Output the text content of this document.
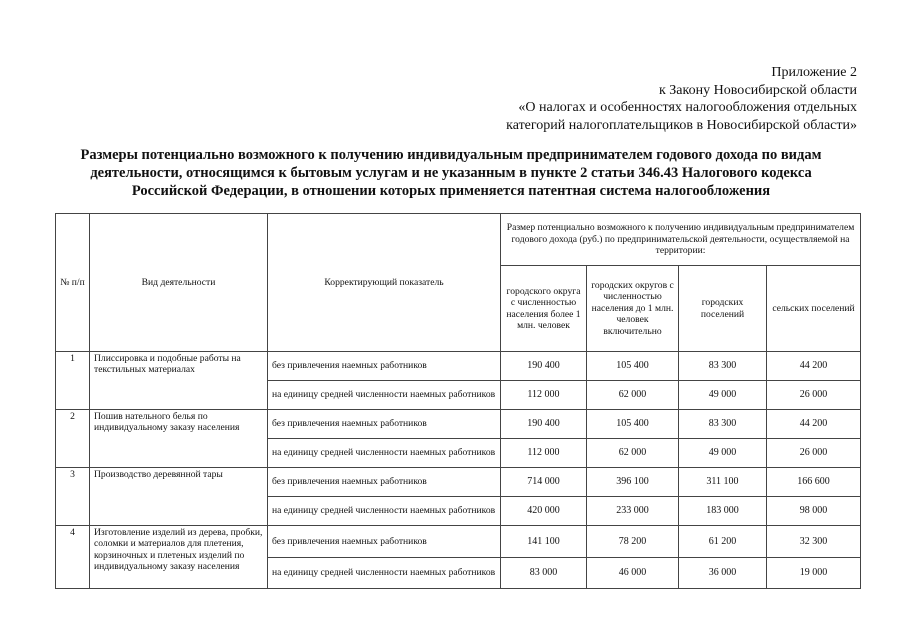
Приложение 2
к Закону Новосибирской области
«О налогах и особенностях налогообложения отдельных
категорий налогоплательщиков в Новосибирской области»
Размеры потенциально возможного к получению индивидуальным предпринимателем годового дохода по видам
деятельности, относящимся к бытовым услугам и не указанным в пункте 2 статьи 346.43 Налогового кодекса
Российской Федерации, в отношении которых применяется патентная система налогообложения
№ п/п	Вид деятельности	Корректирующий показатель	Размер потенциально возможного к получению индивидуальным предпринимателем годового дохода (руб.) по предпринимательской деятельности, осуществляемой на территории:			
			городского округа с численностью населения более 1 млн. человек	городских округов с численностью населения до 1 млн. человек включительно	городских поселений	сельских поселений
1	Плиссировка и подобные работы на текстильных материалах	без привлечения наемных работников	190 400	105 400	83 300	44 200
		на единицу средней численности наемных работников	112 000	62 000	49 000	26 000
2	Пошив нательного белья по индивидуальному заказу населения	без привлечения наемных работников	190 400	105 400	83 300	44 200
		на единицу средней численности наемных работников	112 000	62 000	49 000	26 000
3	Производство деревянной тары	без привлечения наемных работников	714 000	396 100	311 100	166 600
		на единицу средней численности наемных работников	420 000	233 000	183 000	98 000
4	Изготовление изделий из дерева, пробки, соломки и материалов для плетения, корзиночных и плетеных изделий по индивидуальному заказу населения	без привлечения наемных работников	141 100	78 200	61 200	32 300
		на единицу средней численности наемных работников	83 000	46 000	36 000	19 000
